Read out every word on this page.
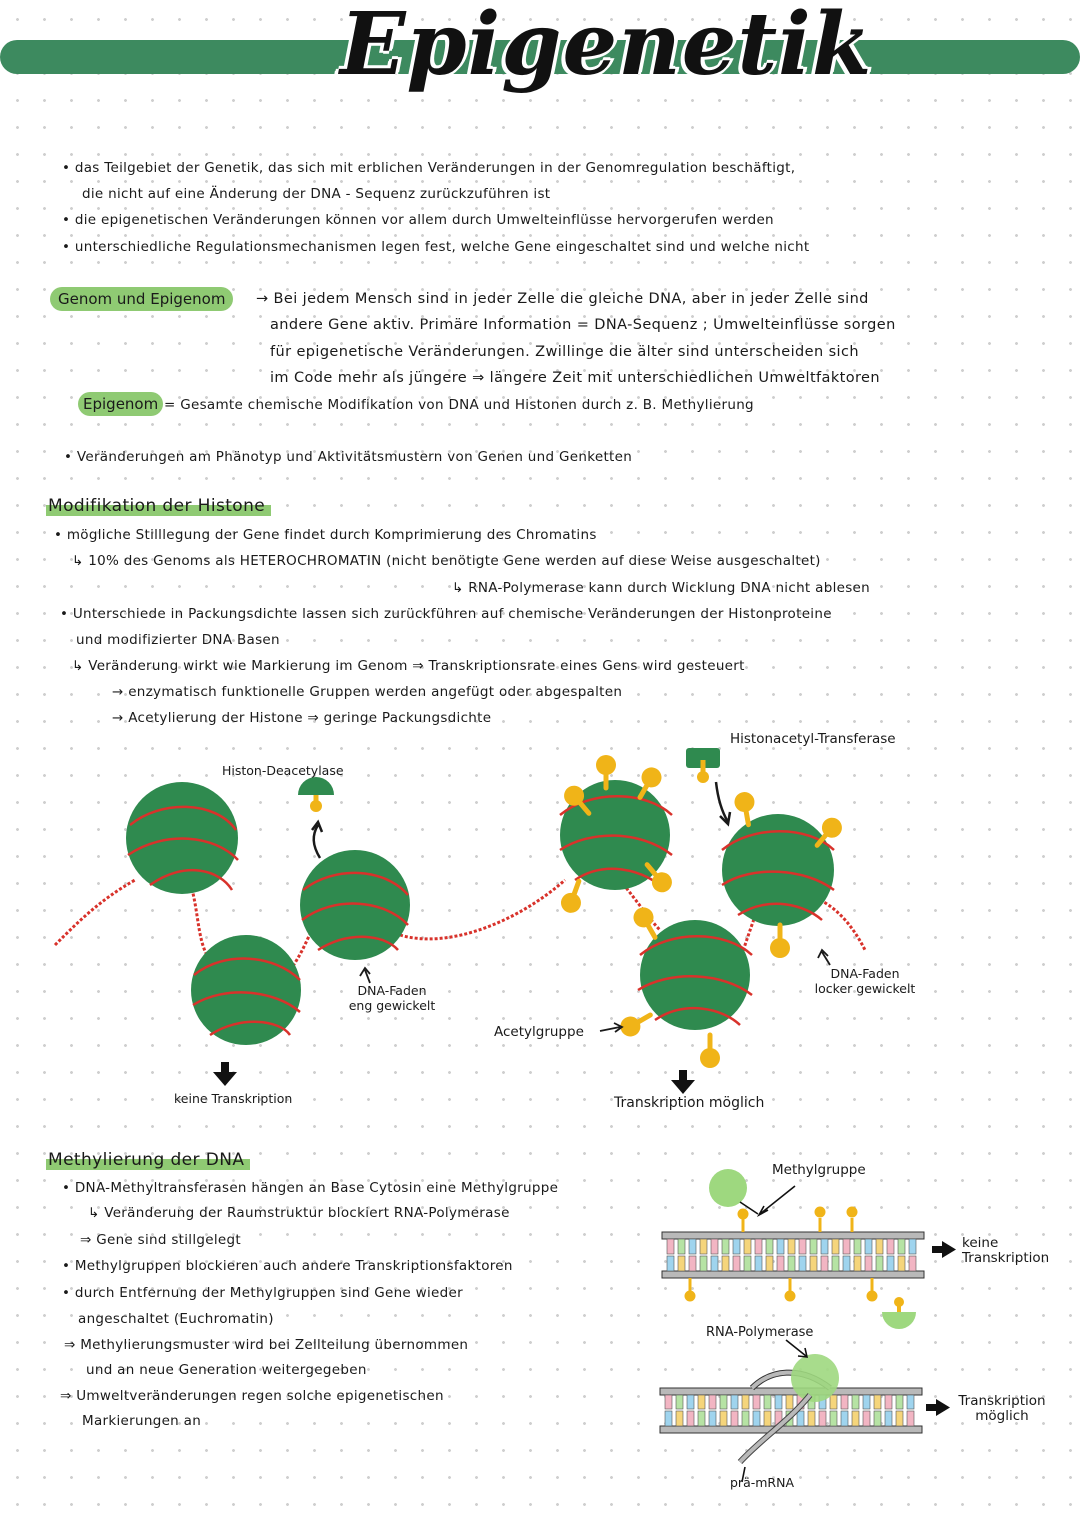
Epigenetik
• das Teilgebiet der Genetik, das sich mit erblichen Veränderungen in der Genomregulation beschäftigt,
die nicht auf eine Änderung der DNA - Sequenz zurückzuführen ist
• die epigenetischen Veränderungen können vor allem durch Umwelteinflüsse hervorgerufen werden
• unterschiedliche Regulationsmechanismen legen fest, welche Gene eingeschaltet sind und welche nicht
Genom und Epigenom	→ Bei jedem Mensch sind in jeder Zelle die gleiche DNA, aber in jeder Zelle sind
andere Gene aktiv. Primäre Information = DNA-Sequenz ; Umwelteinflüsse sorgen
für epigenetische Veränderungen. Zwillinge die älter sind unterscheiden sich
im Code mehr als jüngere ⇒ längere Zeit mit unterschiedlichen Umweltfaktoren
Epigenom = Gesamte chemische Modifikation von DNA und Histonen durch z. B. Methylierung
• Veränderungen am Phänotyp und Aktivitätsmustern von Genen und Genketten
Modifikation der Histone
• mögliche Stilllegung der Gene findet durch Komprimierung des Chromatins
↳ 10% des Genoms als HETEROCHROMATIN (nicht benötigte Gene werden auf diese Weise ausgeschaltet)
↳ RNA-Polymerase kann durch Wicklung DNA nicht ablesen
• Unterschiede in Packungsdichte lassen sich zurückführen auf chemische Veränderungen der Histonproteine
und modifizierter DNA Basen
↳ Veränderung wirkt wie Markierung im Genom ⇒ Transkriptionsrate eines Gens wird gesteuert
→ enzymatisch funktionelle Gruppen werden angefügt oder abgespalten
→ Acetylierung der Histone ⇒ geringe Packungsdichte
Histon-Deacetylase
Histonacetyl-Transferase
DNA-Faden
eng gewickelt
DNA-Faden
locker gewickelt
Acetylgruppe
keine Transkription	Transkription möglich
Methylierung der DNA
• DNA-Methyltransferasen hängen an Base Cytosin eine Methylgruppe
↳ Veränderung der Raumstruktur blockiert RNA-Polymerase
⇒ Gene sind stillgelegt
• Methylgruppen blockieren auch andere Transkriptionsfaktoren
• durch Entfernung der Methylgruppen sind Gene wieder
angeschaltet (Euchromatin)
⇒ Methylierungsmuster wird bei Zellteilung übernommen
und an neue Generation weitergegeben
⇒ Umweltveränderungen regen solche epigenetischen
Markierungen an
Methylgruppe
keine
Transkription
RNA-Polymerase
Transkription
möglich
prä-mRNA
